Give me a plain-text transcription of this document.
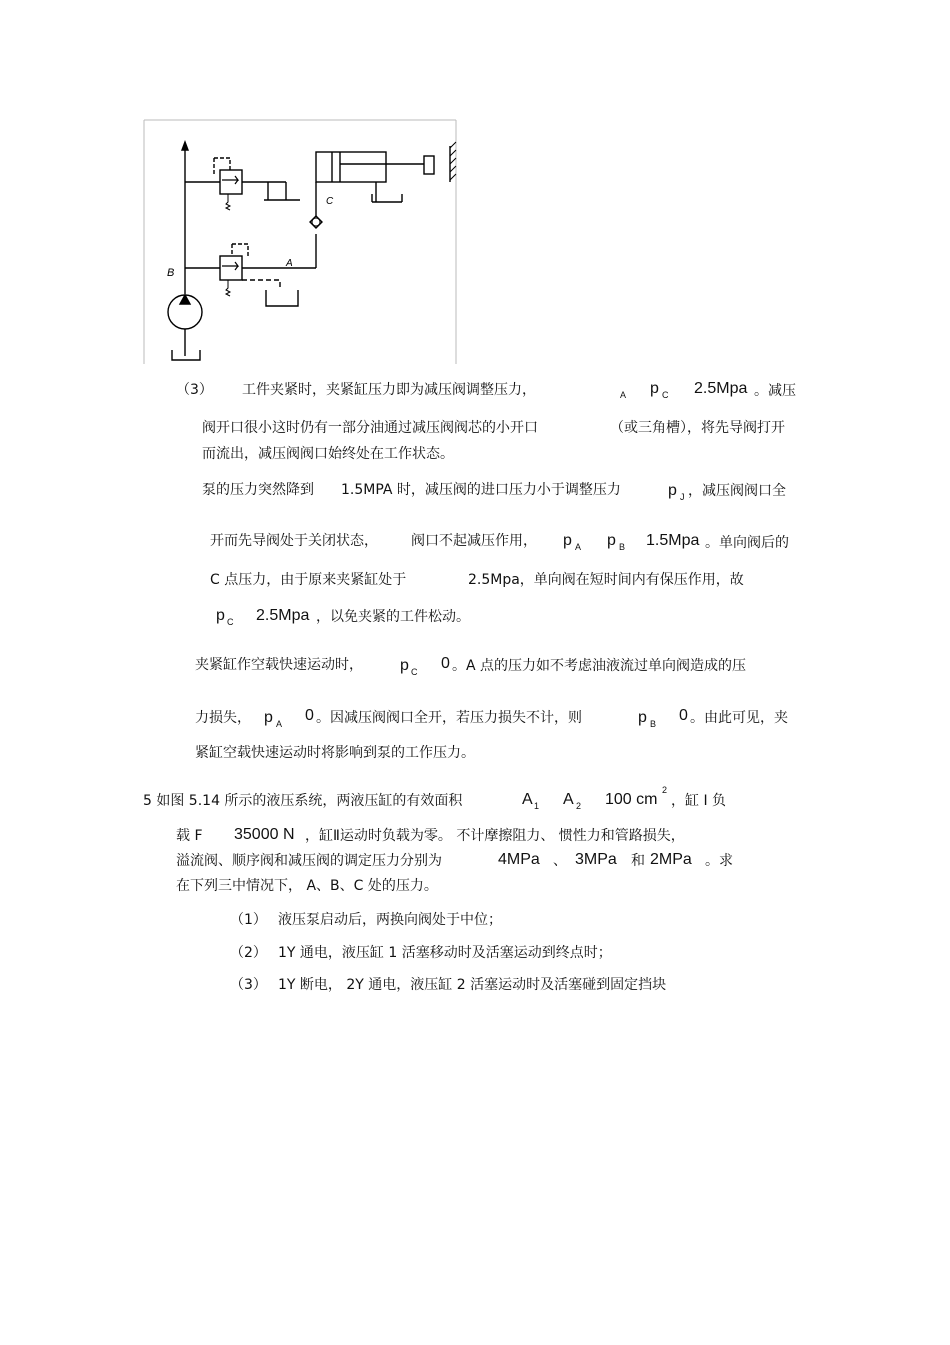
B
A
C
（3） 工件夹紧时，夹紧缸压力即为减压阀调整压力，	A p C 2.5Mpa 。减压
阀开口很小这时仍有一部分油通过减压阀阀芯的小开口	（或三角槽），将先导阀打开
而流出，减压阀阀口始终处在工作状态。
泵的压力突然降到 1.5MPA 时，减压阀的进口压力小于调整压力	p J ，减压阀阀口全
开而先导阀处于关闭状态， 阀口不起减压作用， p A p B 1.5Mpa 。单向阀后的
C 点压力，由于原来夹紧缸处于	2.5Mpa，单向阀在短时间内有保压作用，故
p C 2.5Mpa ，以免夹紧的工件松动。
夹紧缸作空载快速运动时， p C 0 。A 点的压力如不考虑油液流过单向阀造成的压
力损失， p A 0 。因减压阀阀口全开，若压力损失不计，则	p B 0 。由此可见，夹
紧缸空载快速运动时将影响到泵的工作压力。
5 如图 5.14 所示的液压系统，两液压缸的有效面积	A 1 A 2 100 cm
2
，缸 Ⅰ 负
载 F 35000 N ，缸Ⅱ运动时负载为零。 不计摩擦阻力、 惯性力和管路损失，
溢流阀、顺序阀和减压阀的调定压力分别为	4MPa 、 3MPa 和 2MPa 。求
在下列三中情况下， A、B、C 处的压力。
（1） 液压泵启动后，两换向阀处于中位；
（2） 1Y 通电，液压缸 1 活塞移动时及活塞运动到终点时；
（3） 1Y 断电， 2Y 通电，液压缸 2 活塞运动时及活塞碰到固定挡块
